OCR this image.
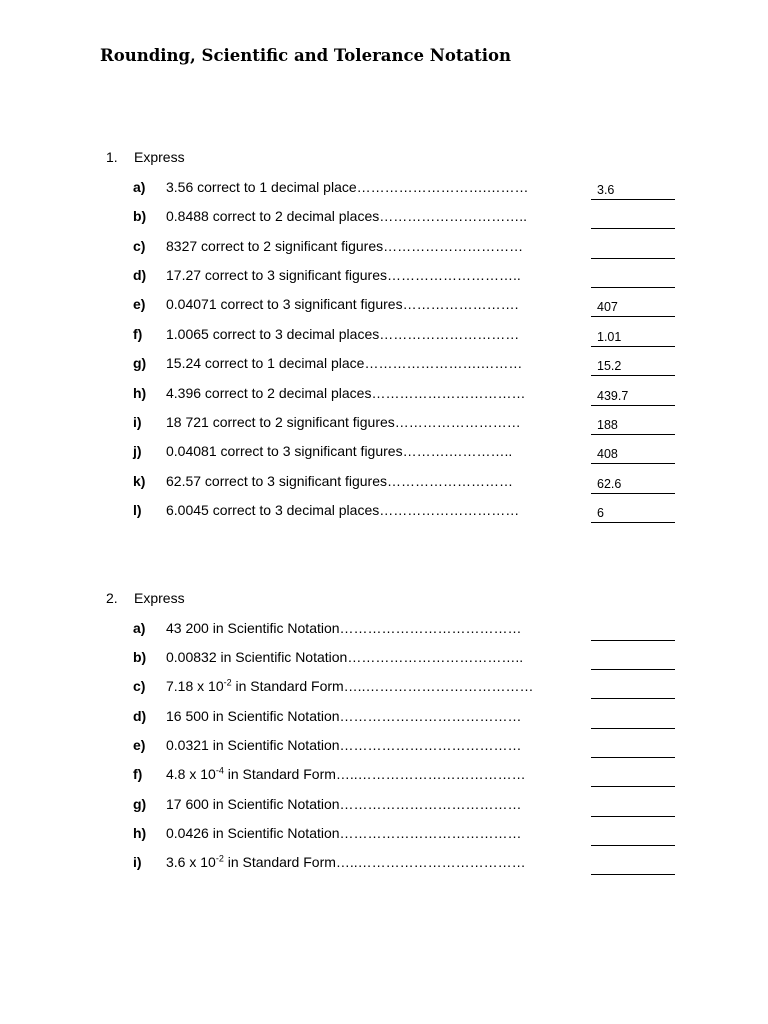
Rounding, Scientific and Tolerance Notation
1. Express
a) 3.56 correct to 1 decimal place……………………….………	3.6
b) 0.8488 correct to 2 decimal places…………………………..
c) 8327 correct to 2 significant figures…………………………
d) 17.27 correct to 3 significant figures………………………..
e) 0.04071 correct to 3 significant figures…………………….	407
f) 1.0065 correct to 3 decimal places…………………………	1.01
g) 15.24 correct to 1 decimal place…………………….………	15.2
h) 4.396 correct to 2 decimal places……………………………	439.7
i) 18 721 correct to 2 significant figures………………………	188
j) 0.04081 correct to 3 significant figures……….…………..	408
k) 62.57 correct to 3 significant figures………………………	62.6
l) 6.0045 correct to 3 decimal places…………………………	6
2. Express
a) 43 200 in Scientific Notation…………………………………
b) 0.00832 in Scientific Notation………………………………..
c) 7.18 x $10^{-2}$ in Standard Form…..………………………………
d) 16 500 in Scientific Notation…………………………………
e) 0.0321 in Scientific Notation…………………………………
f) 4.8 x $10^{-4}$ in Standard Form…..………………………………
g) 17 600 in Scientific Notation…………………………………
h) 0.0426 in Scientific Notation…………………………………
i) 3.6 x $10^{-2}$ in Standard Form…..………………………………
